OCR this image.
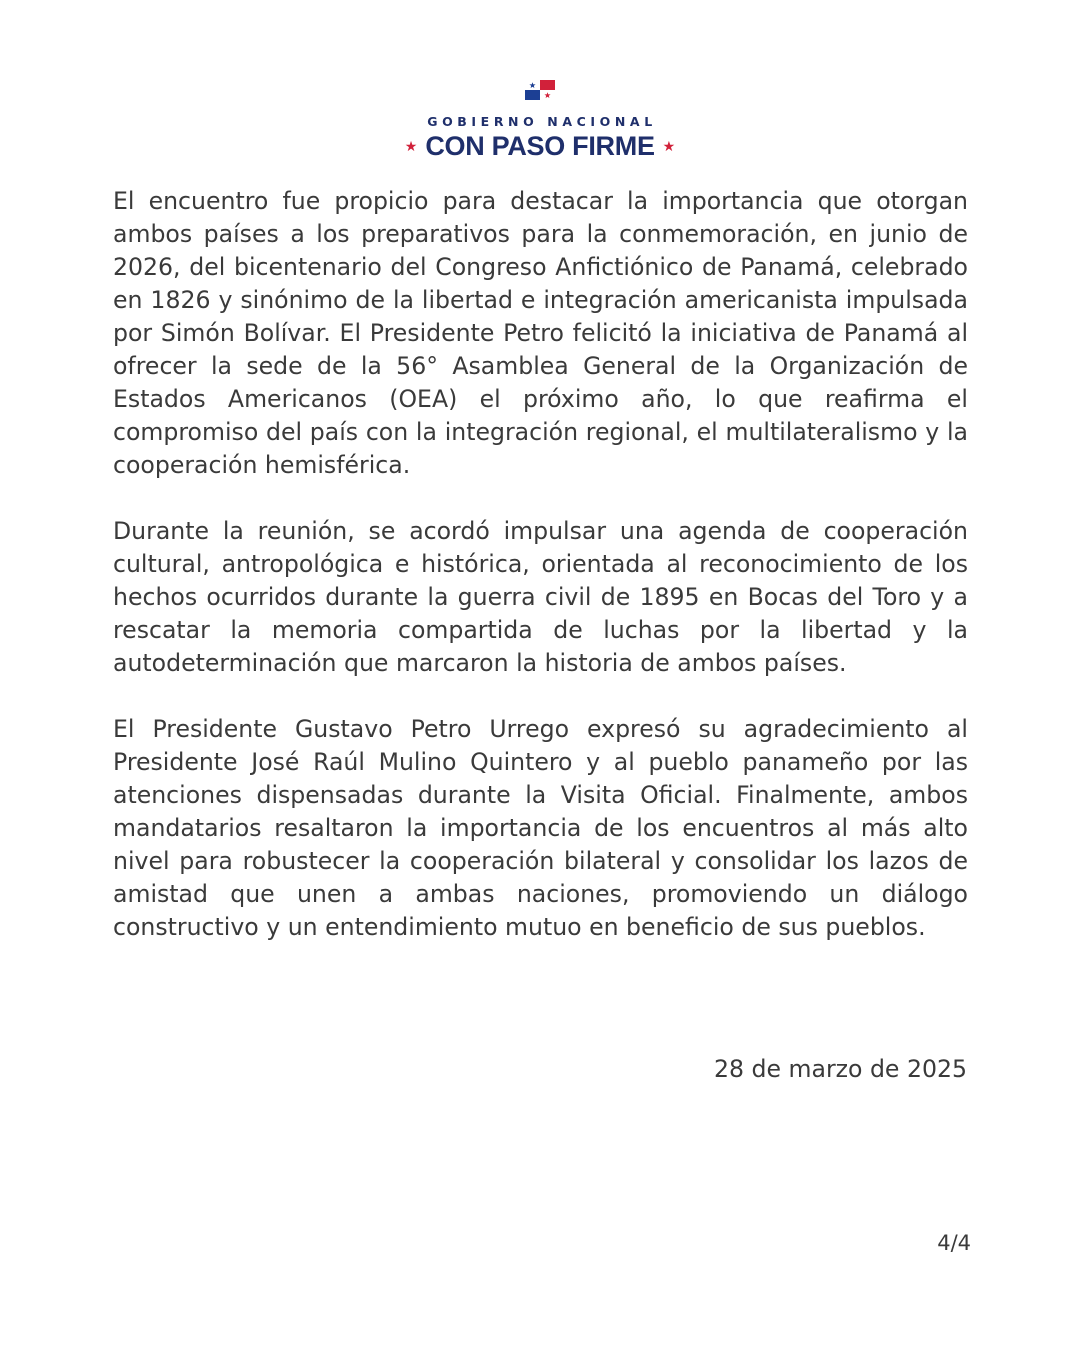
GOBIERNO NACIONAL
★ CON PASO FIRME ★

El encuentro fue propicio para destacar la importancia que otorgan ambos países a los preparativos para la conmemoración, en junio de 2026, del bicentenario del Congreso Anfictiónico de Panamá, celebrado en 1826 y sinónimo de la libertad e integración americanista impulsada por Simón Bolívar. El Presidente Petro felicitó la iniciativa de Panamá al ofrecer la sede de la 56° Asamblea General de la Organización de Estados Americanos (OEA) el próximo año, lo que reafirma el compromiso del país con la integración regional, el multilateralismo y la cooperación hemisférica.

Durante la reunión, se acordó impulsar una agenda de cooperación cultural, antropológica e histórica, orientada al reconocimiento de los hechos ocurridos durante la guerra civil de 1895 en Bocas del Toro y a rescatar la memoria compartida de luchas por la libertad y la autodeterminación que marcaron la historia de ambos países.

El Presidente Gustavo Petro Urrego expresó su agradecimiento al Presidente José Raúl Mulino Quintero y al pueblo panameño por las atenciones dispensadas durante la Visita Oficial. Finalmente, ambos mandatarios resaltaron la importancia de los encuentros al más alto nivel para robustecer la cooperación bilateral y consolidar los lazos de amistad que unen a ambas naciones, promoviendo un diálogo constructivo y un entendimiento mutuo en beneficio de sus pueblos.

28 de marzo de 2025
4/4
